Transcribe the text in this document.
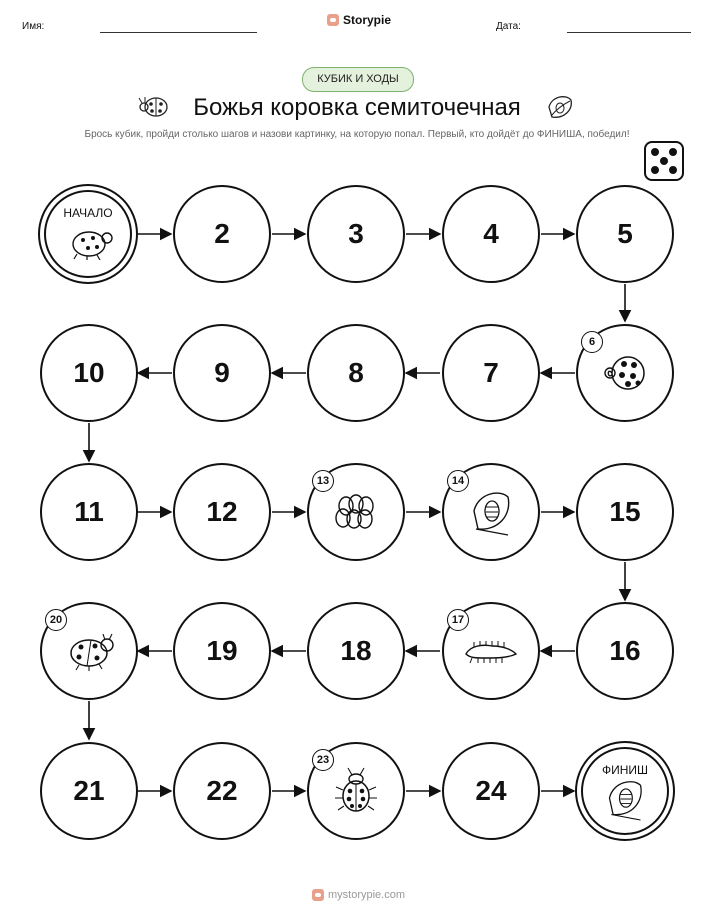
Имя:	Storypie	Дата:
КУБИК И ХОДЫ
Божья коровка семиточечная
Брось кубик, пройди столько шагов и назови картинку, на которую попал. Первый, кто дойдёт до ФИНИША, победил!
НАЧАЛО
2	3	4	5
10	9	8	7
6
11	12
13	14
15
20
19	18
17
16
21	22
23
24
ФИНИШ
mystorypie.com
